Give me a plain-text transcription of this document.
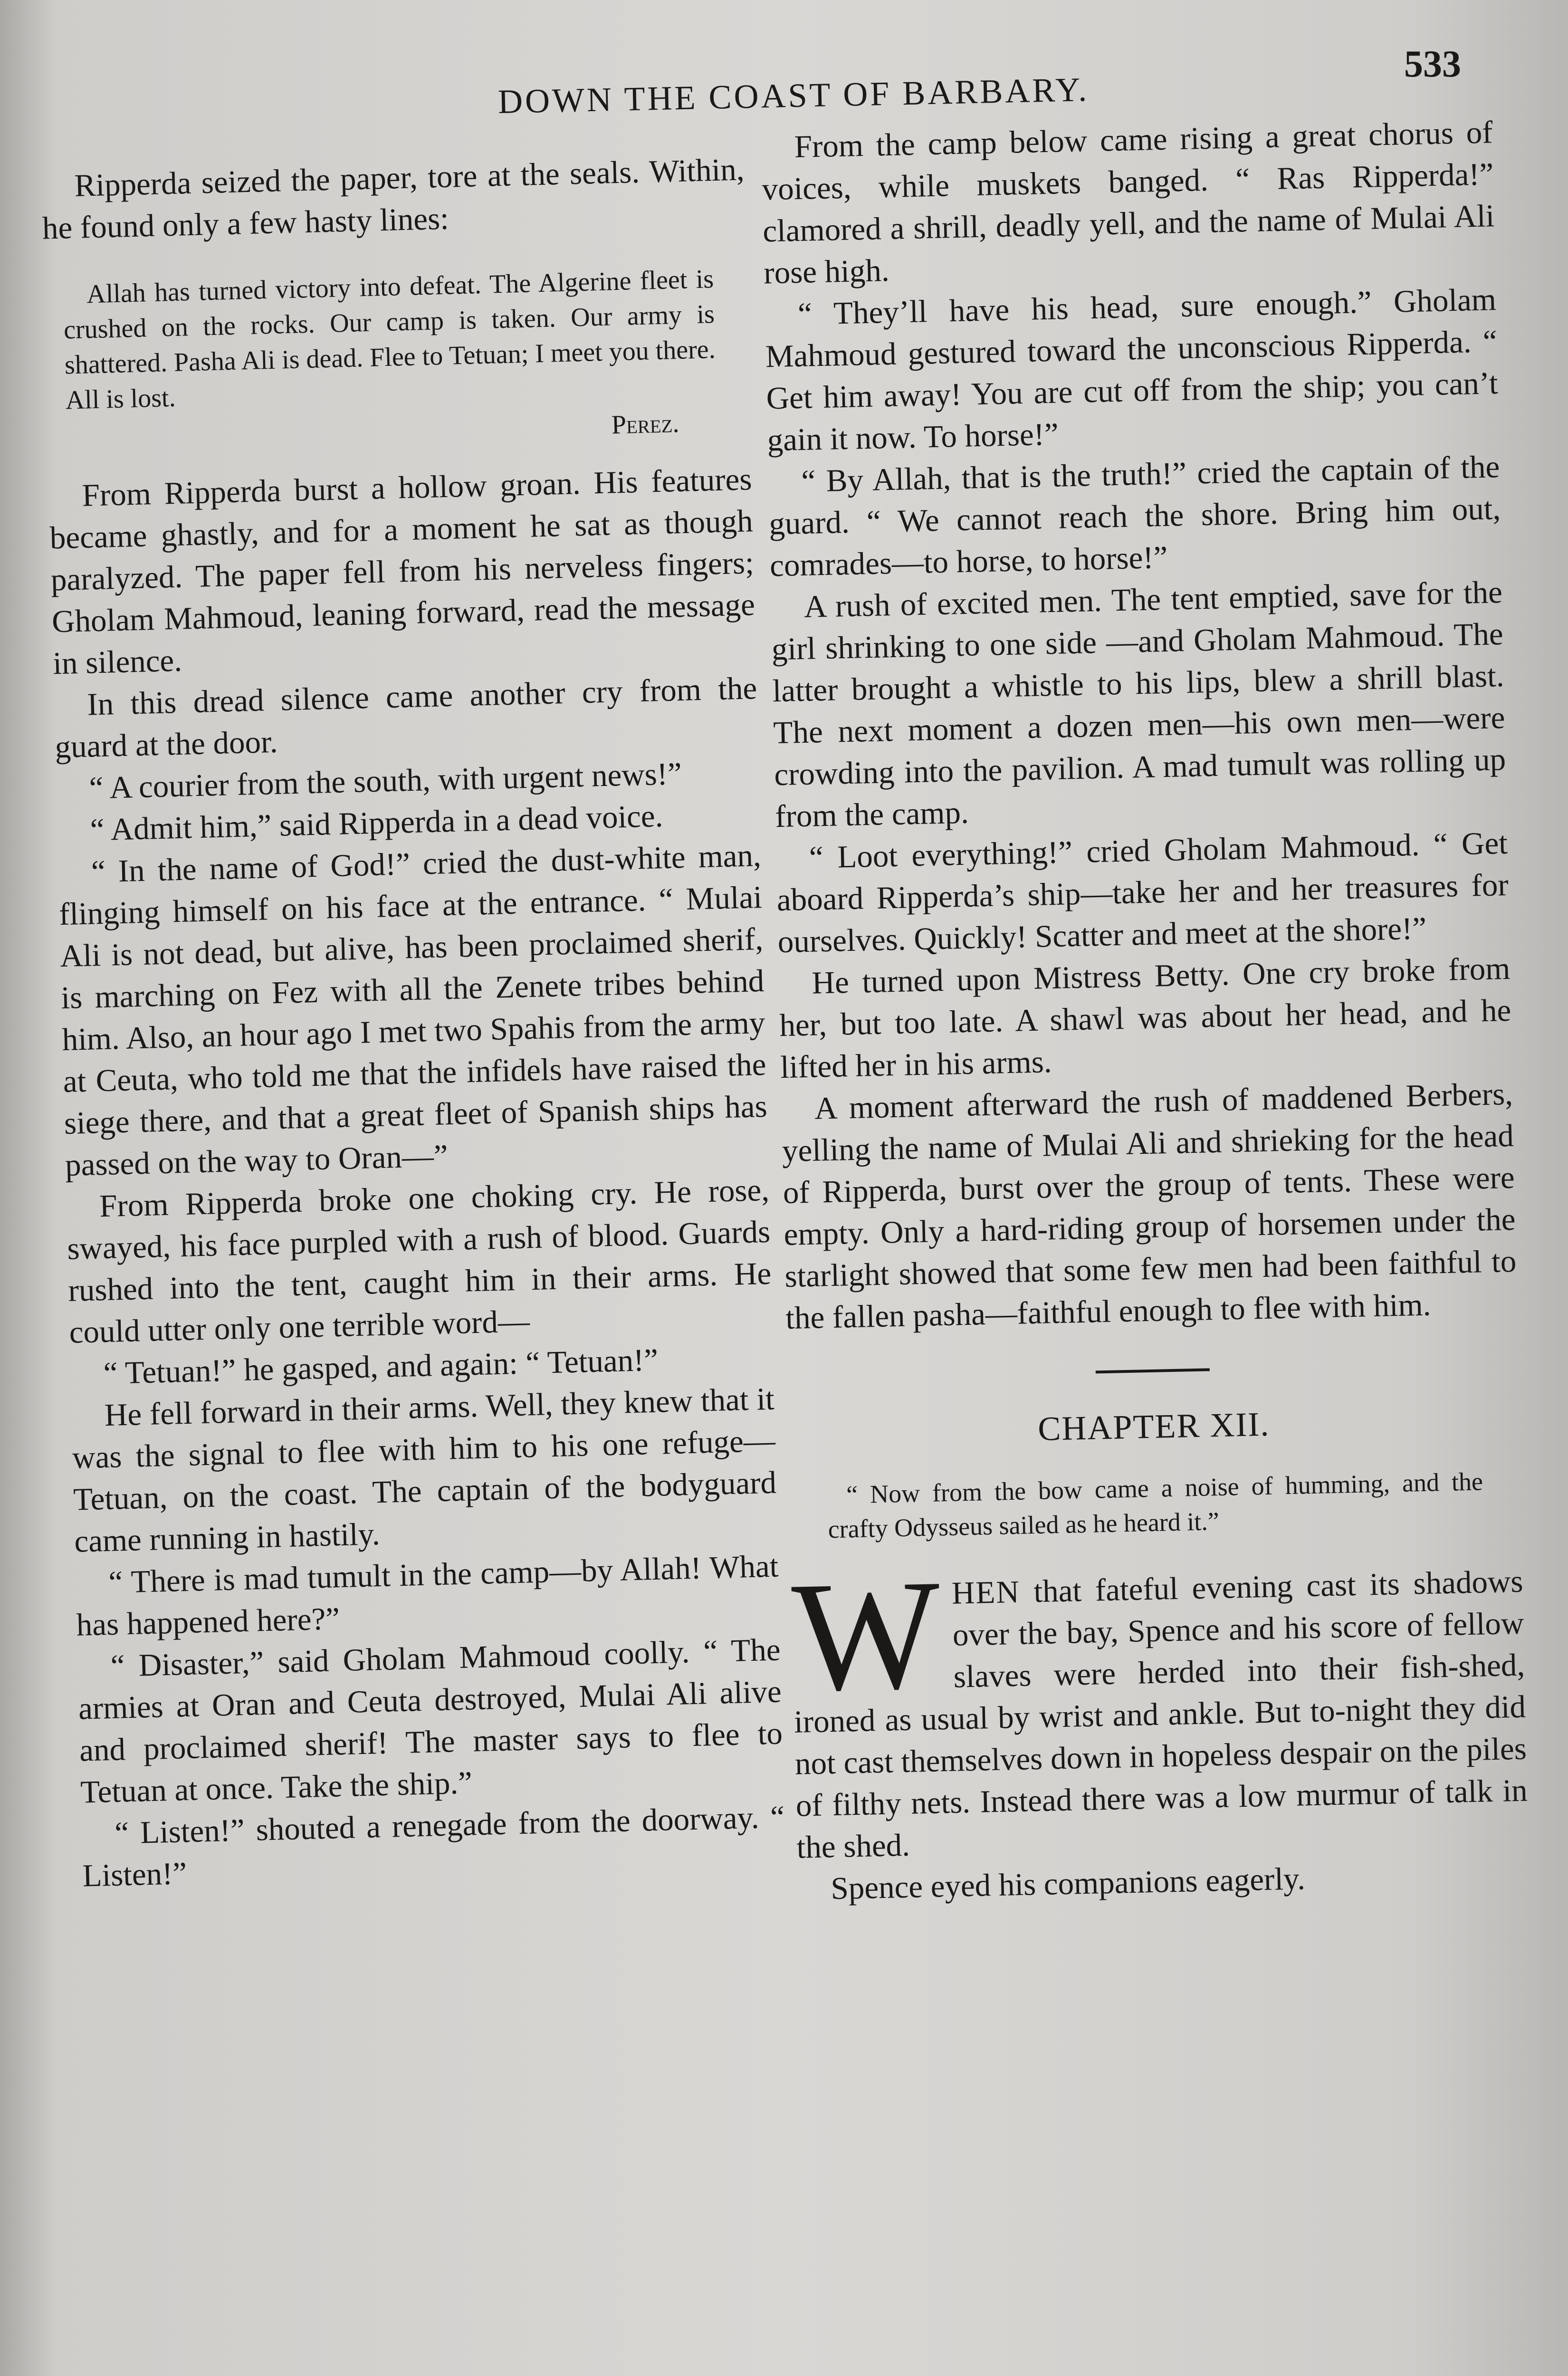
533
DOWN THE COAST OF BARBARY.

Ripperda seized the paper, tore at the seals. Within, he found only a few hasty lines:

Allah has turned victory into defeat. The Algerine fleet is crushed on the rocks. Our camp is taken. Our army is shattered. Pasha Ali is dead. Flee to Tetuan; I meet you there. All is lost.

Perez.

From Ripperda burst a hollow groan. His features became ghastly, and for a moment he sat as though paralyzed. The paper fell from his nerveless fingers; Gholam Mahmoud, leaning forward, read the message in silence.

In this dread silence came another cry from the guard at the door.

“ A courier from the south, with urgent news!”

“ Admit him,” said Ripperda in a dead voice.

“ In the name of God!” cried the dust-white man, flinging himself on his face at the entrance. “ Mulai Ali is not dead, but alive, has been proclaimed sherif, is marching on Fez with all the Zenete tribes behind him. Also, an hour ago I met two Spahis from the army at Ceuta, who told me that the infidels have raised the siege there, and that a great fleet of Spanish ships has passed on the way to Oran—”

From Ripperda broke one choking cry. He rose, swayed, his face purpled with a rush of blood. Guards rushed into the tent, caught him in their arms. He could utter only one terrible word—

“ Tetuan!” he gasped, and again: “ Tetuan!”

He fell forward in their arms. Well, they knew that it was the signal to flee with him to his one refuge—Tetuan, on the coast. The captain of the bodyguard came running in hastily.

“ There is mad tumult in the camp—by Allah! What has happened here?”

“ Disaster,” said Gholam Mahmoud coolly. “ The armies at Oran and Ceuta destroyed, Mulai Ali alive and proclaimed sherif! The master says to flee to Tetuan at once. Take the ship.”

“ Listen!” shouted a renegade from the doorway. “ Listen!”

From the camp below came rising a great chorus of voices, while muskets banged. “ Ras Ripperda!” clamored a shrill, deadly yell, and the name of Mulai Ali rose high.

“ They’ll have his head, sure enough.” Gholam Mahmoud gestured toward the unconscious Ripperda. “ Get him away! You are cut off from the ship; you can’t gain it now. To horse!”

“ By Allah, that is the truth!” cried the captain of the guard. “ We cannot reach the shore. Bring him out, comrades—to horse, to horse!”

A rush of excited men. The tent emptied, save for the girl shrinking to one side —and Gholam Mahmoud. The latter brought a whistle to his lips, blew a shrill blast. The next moment a dozen men—his own men—were crowding into the pavilion. A mad tumult was rolling up from the camp.

“ Loot everything!” cried Gholam Mahmoud. “ Get aboard Ripperda’s ship—take her and her treasures for ourselves. Quickly! Scatter and meet at the shore!”

He turned upon Mistress Betty. One cry broke from her, but too late. A shawl was about her head, and he lifted her in his arms.

A moment afterward the rush of maddened Berbers, yelling the name of Mulai Ali and shrieking for the head of Ripperda, burst over the group of tents. These were empty. Only a hard-riding group of horsemen under the starlight showed that some few men had been faithful to the fallen pasha—faithful enough to flee with him.

CHAPTER XII.

“ Now from the bow came a noise of humming, and the crafty Odysseus sailed as he heard it.”

W HEN that fateful evening cast its shadows over the bay, Spence and his score of fellow slaves were herded into their fish-shed, ironed as usual by wrist and ankle. But to-night they did not cast themselves down in hopeless despair on the piles of filthy nets. Instead there was a low murmur of talk in the shed.

Spence eyed his companions eagerly.
